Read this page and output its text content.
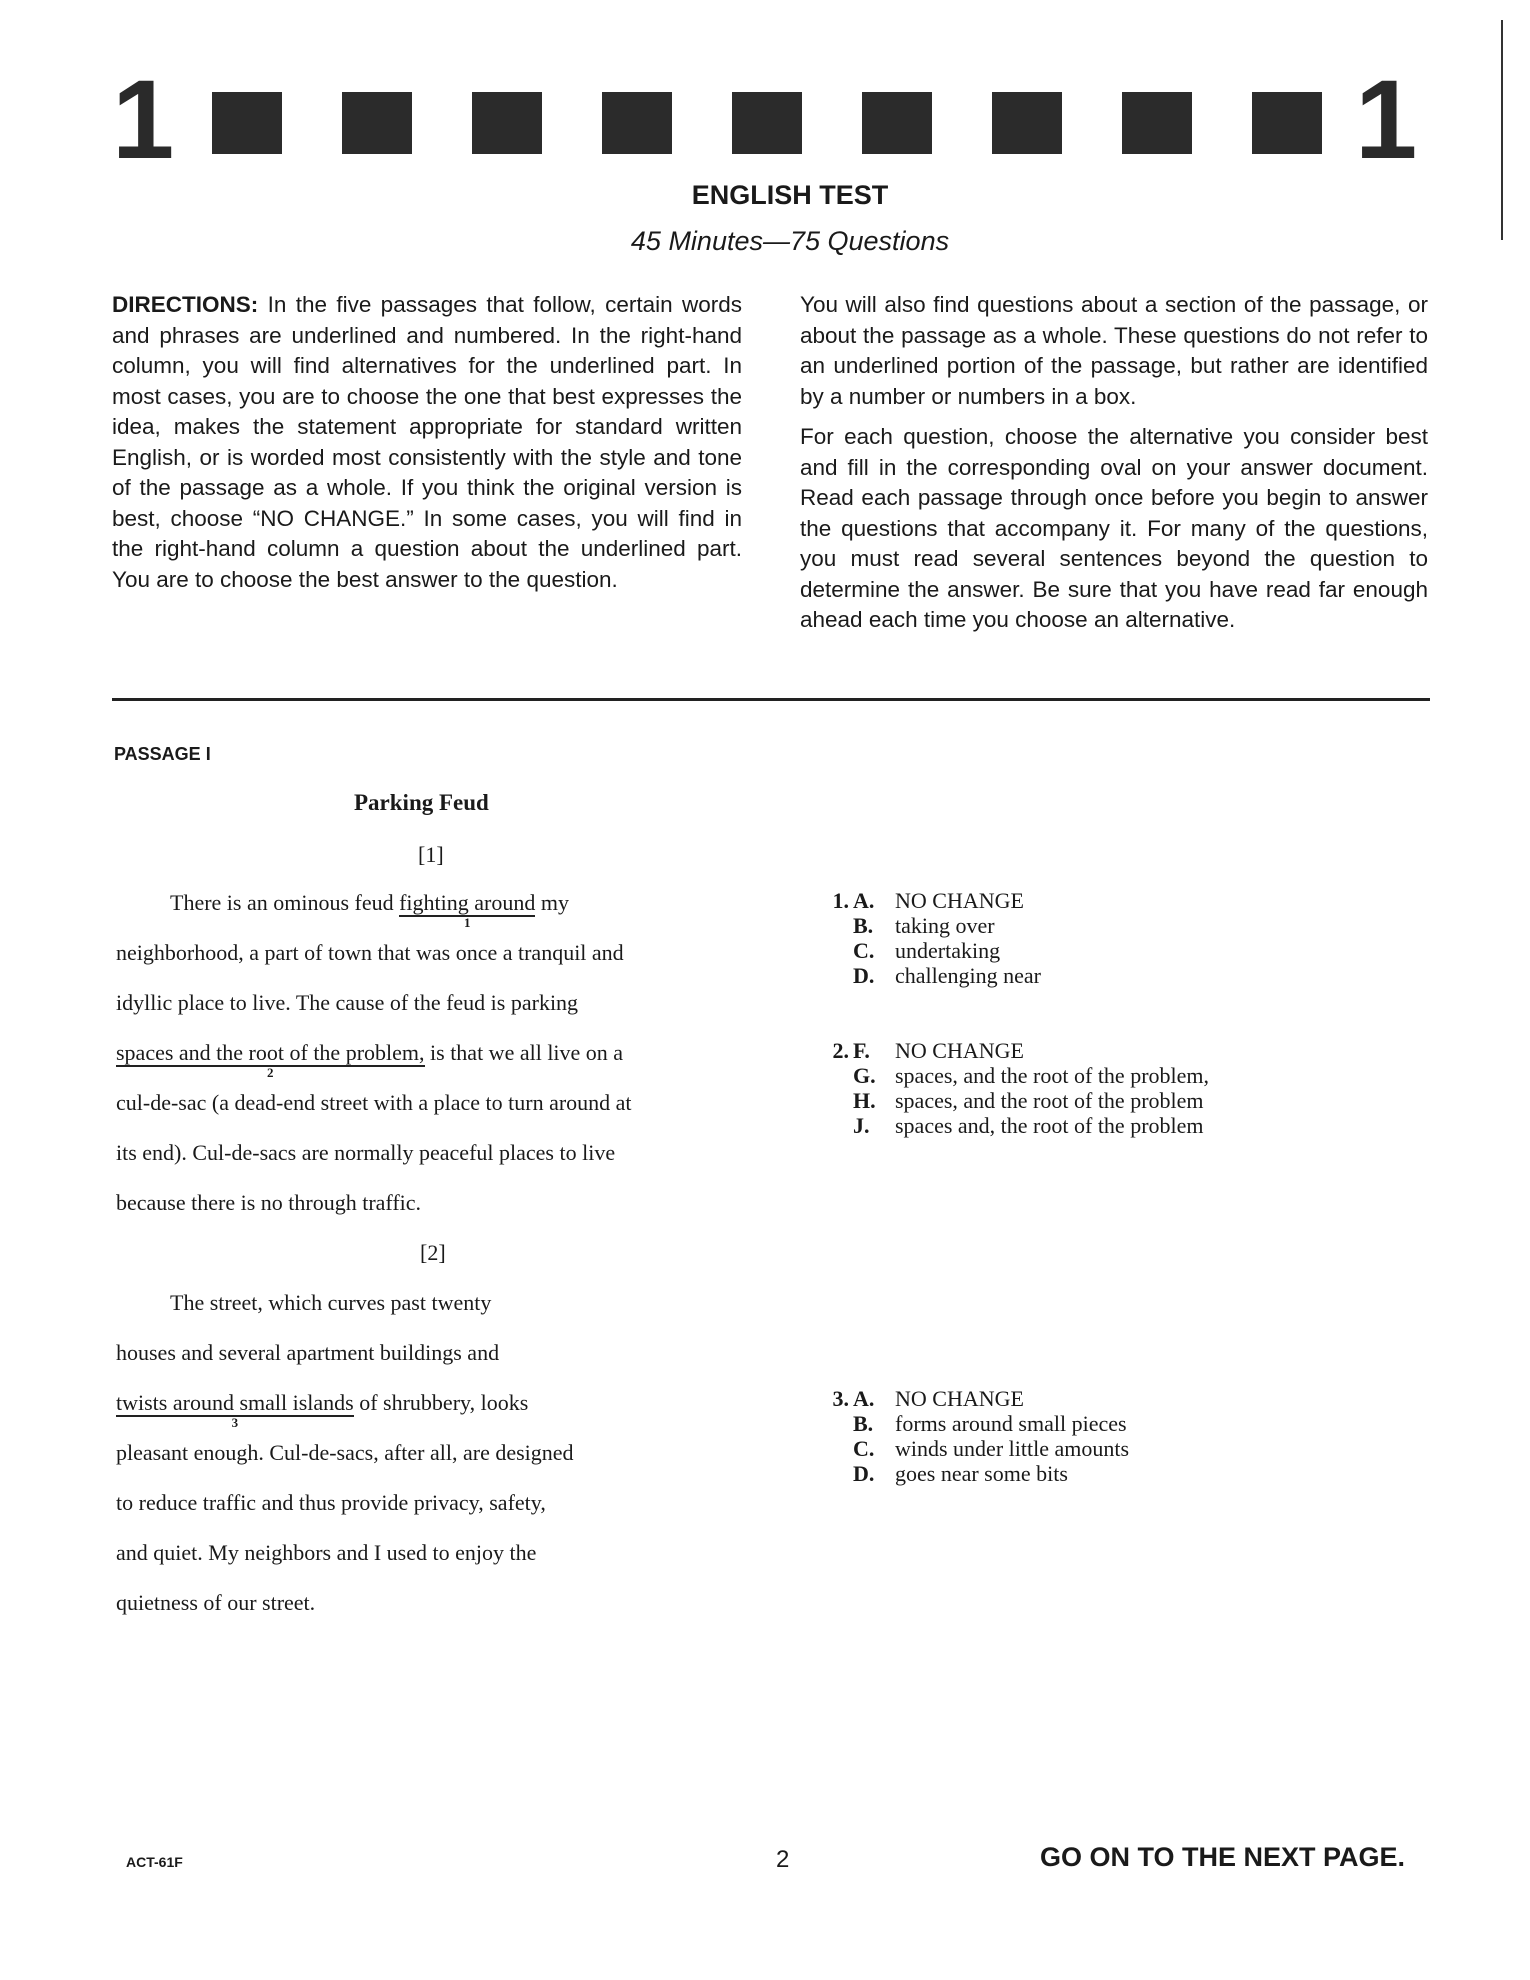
1	1
ENGLISH TEST
45 Minutes—75 Questions
DIRECTIONS: In the five passages that follow, certain words and phrases are underlined and numbered. In the right-hand column, you will find alternatives for the underlined part. In most cases, you are to choose the one that best expresses the idea, makes the statement appropriate for standard written English, or is worded most consistently with the style and tone of the passage as a whole. If you think the original version is best, choose “NO CHANGE.” In some cases, you will find in the right-hand column a question about the underlined part. You are to choose the best answer to the question.

You will also find questions about a section of the passage, or about the passage as a whole. These questions do not refer to an underlined portion of the passage, but rather are identified by a number or numbers in a box.

For each question, choose the alternative you consider best and fill in the corresponding oval on your answer document. Read each passage through once before you begin to answer the questions that accompany it. For many of the questions, you must read several sentences beyond the question to determine the answer. Be sure that you have read far enough ahead each time you choose an alternative.

PASSAGE I
Parking Feud
[1]
There is an ominous feud fighting around
1
my
neighborhood, a part of town that was once a tranquil and
idyllic place to live. The cause of the feud is parking
spaces and the root of the problem,
2
is that we all live on a
cul-de-sac (a dead-end street with a place to turn around at
its end). Cul-de-sacs are normally peaceful places to live
because there is no through traffic.
[2]
The street, which curves past twenty
houses and several apartment buildings and
twists around small islands
3
of shrubbery, looks
pleasant enough. Cul-de-sacs, after all, are designed
to reduce traffic and thus provide privacy, safety,
and quiet. My neighbors and I used to enjoy the
quietness of our street.
1. A. NO CHANGE
B. taking over
C. undertaking
D. challenging near
2. F.	NO CHANGE
G. spaces, and the root of the problem,
H. spaces, and the root of the problem
J.	spaces and, the root of the problem
3. A. NO CHANGE
B. forms around small pieces
C. winds under little amounts
D. goes near some bits
ACT-61F	2	GO ON TO THE NEXT PAGE.
